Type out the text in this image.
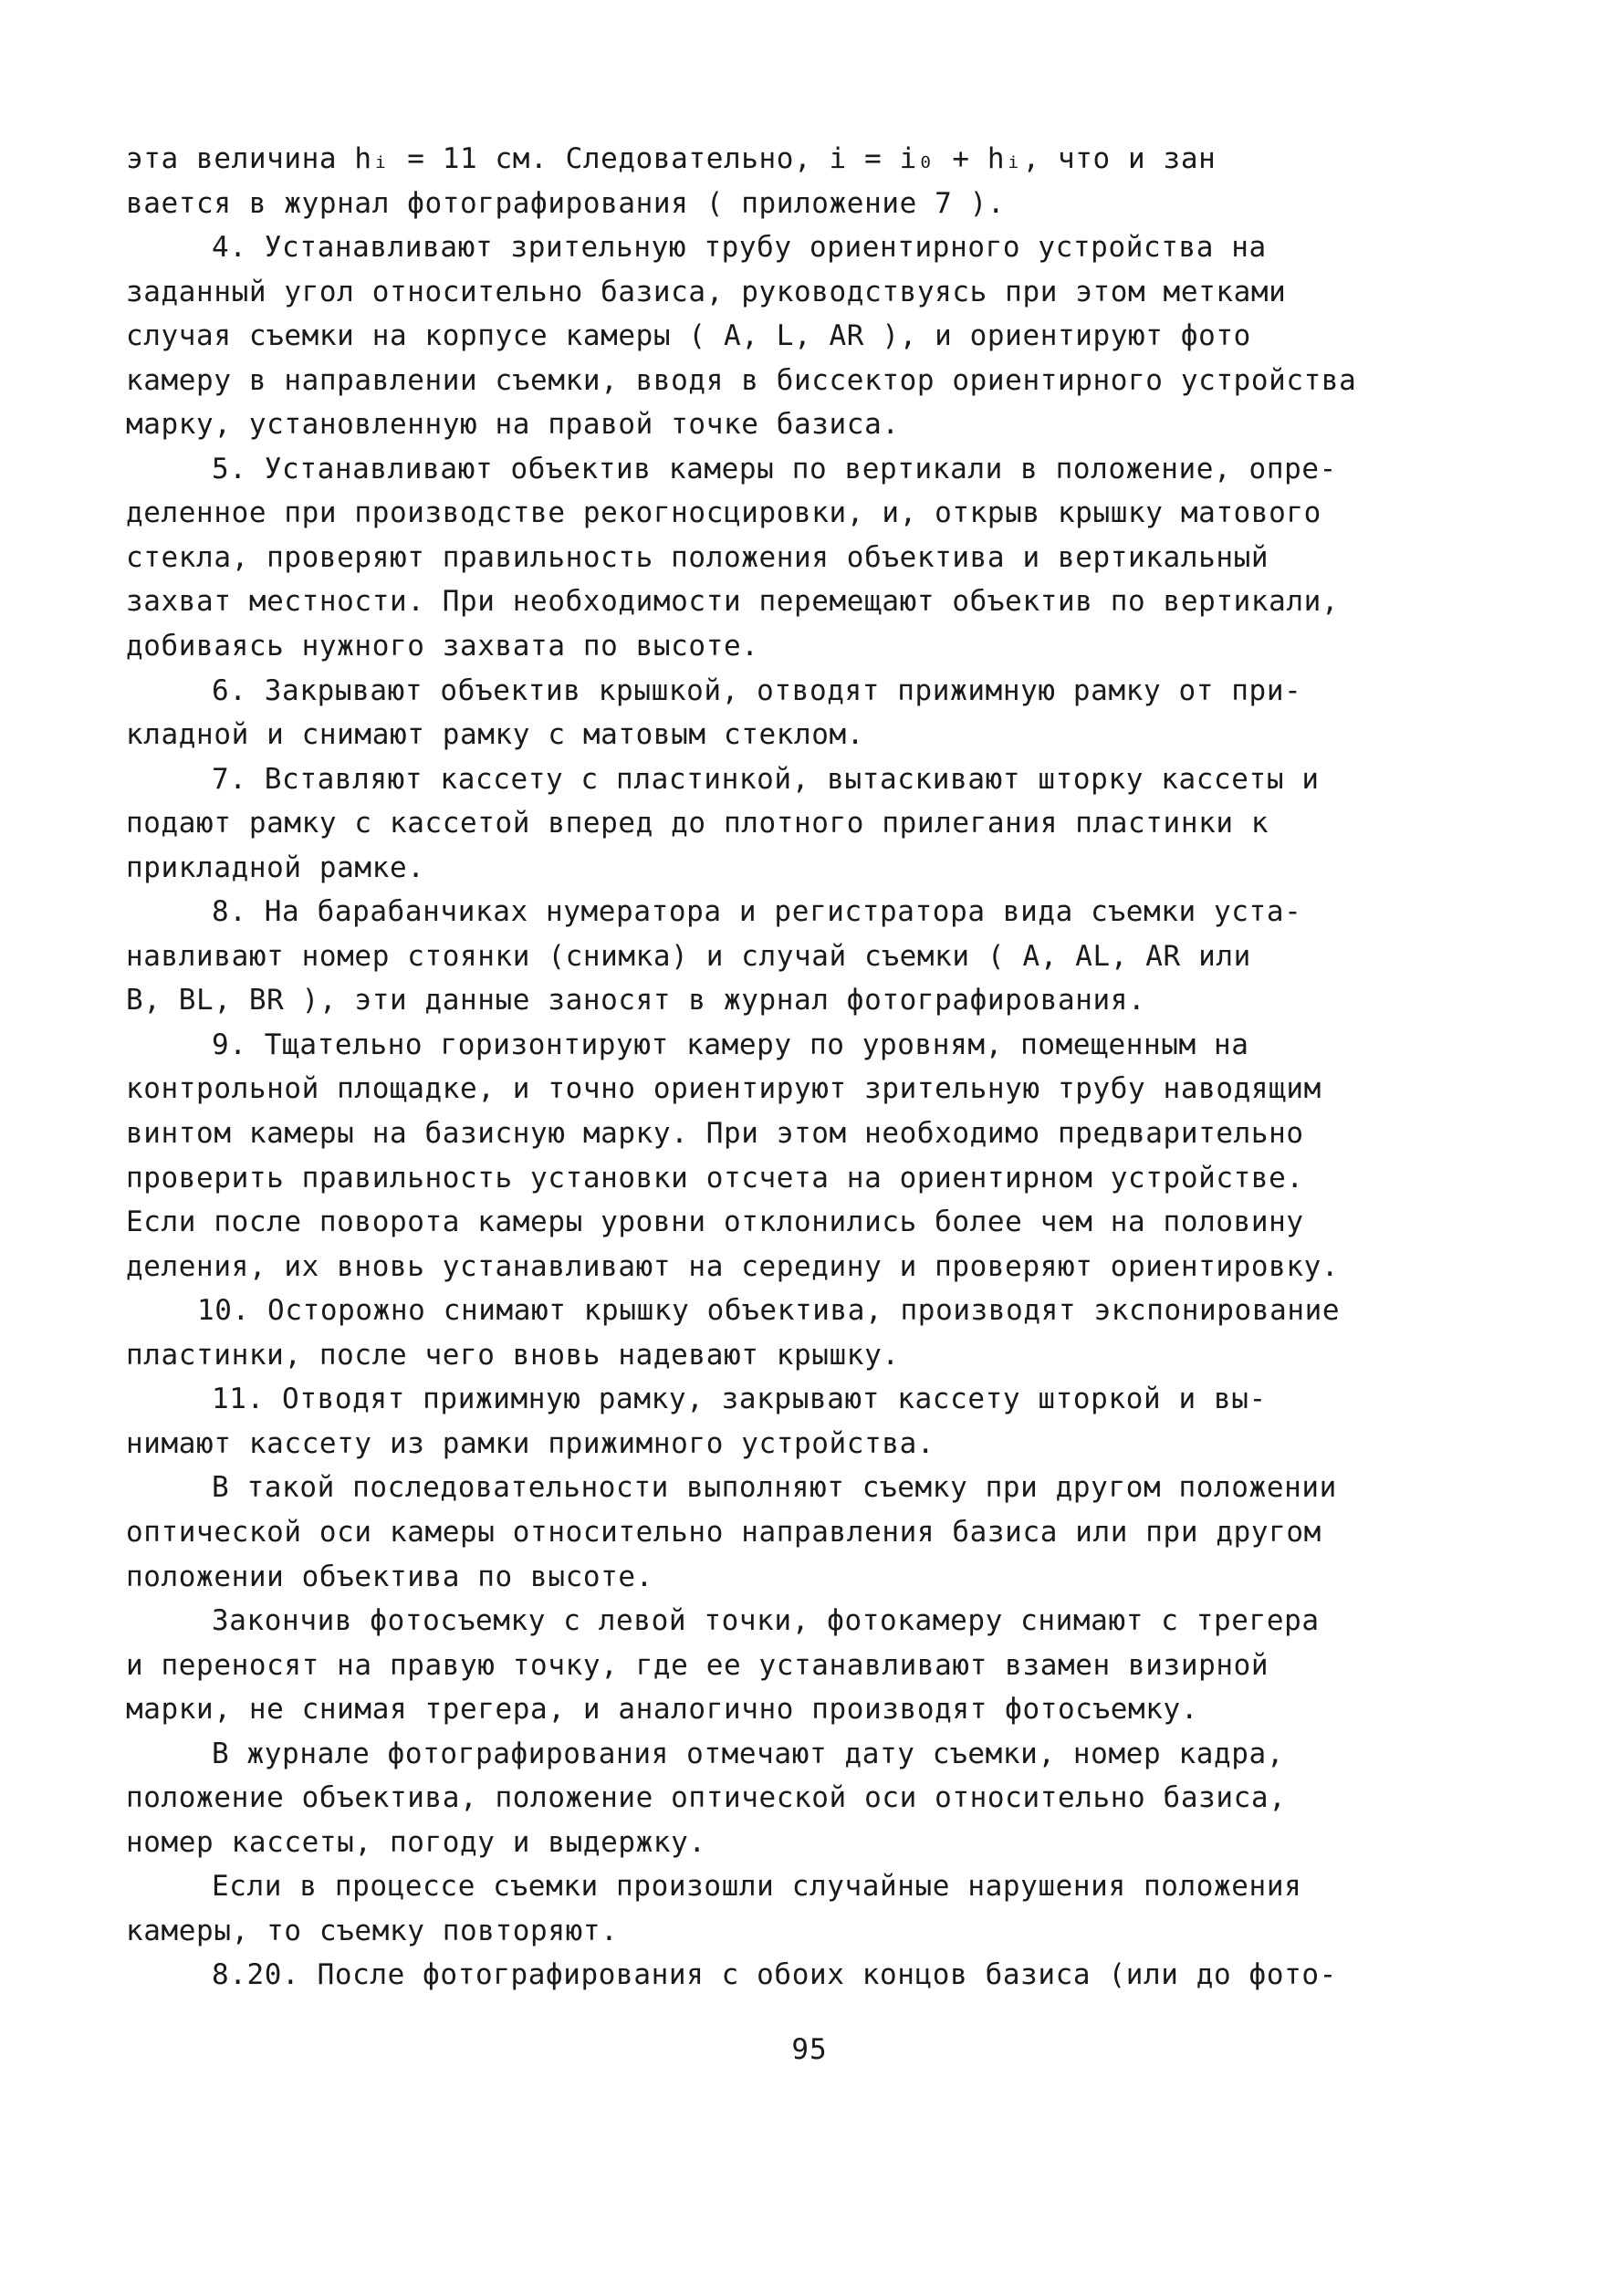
эта величина hᵢ = 11 см. Следовательно, i = i₀ + hᵢ, что и зан
вается в журнал фотографирования ( приложение 7 ).
4. Устанавливают зрительную трубу ориентирного устройства на
заданный угол относительно базиса, руководствуясь при этом метками
случая съемки на корпусе камеры ( A, L, AR ), и ориентируют фото
камеру в направлении съемки, вводя в биссектор ориентирного устройства
марку, установленную на правой точке базиса.
5. Устанавливают объектив камеры по вертикали в положение, опре-
деленное при производстве рекогносцировки, и, открыв крышку матового
стекла, проверяют правильность положения объектива и вертикальный
захват местности. При необходимости перемещают объектив по вертикали,
добиваясь нужного захвата по высоте.
6. Закрывают объектив крышкой, отводят прижимную рамку от при-
кладной и снимают рамку с матовым стеклом.
7. Вставляют кассету с пластинкой, вытаскивают шторку кассеты и
подают рамку с кассетой вперед до плотного прилегания пластинки к
прикладной рамке.
8. На барабанчиках нумератора и регистратора вида съемки уста-
навливают номер стоянки (снимка) и случай съемки ( A, AL, AR или
B, BL, BR ), эти данные заносят в журнал фотографирования.
9. Тщательно горизонтируют камеру по уровням, помещенным на
контрольной площадке, и точно ориентируют зрительную трубу наводящим
винтом камеры на базисную марку. При этом необходимо предварительно
проверить правильность установки отсчета на ориентирном устройстве.
Если после поворота камеры уровни отклонились более чем на половину
деления, их вновь устанавливают на середину и проверяют ориентировку.
10. Осторожно снимают крышку объектива, производят экспонирование
пластинки, после чего вновь надевают крышку.
11. Отводят прижимную рамку, закрывают кассету шторкой и вы-
нимают кассету из рамки прижимного устройства.
В такой последовательности выполняют съемку при другом положении
оптической оси камеры относительно направления базиса или при другом
положении объектива по высоте.
Закончив фотосъемку с левой точки, фотокамеру снимают с трегера
и переносят на правую точку, где ее устанавливают взамен визирной
марки, не снимая трегера, и аналогично производят фотосъемку.
В журнале фотографирования отмечают дату съемки, номер кадра,
положение объектива, положение оптической оси относительно базиса,
номер кассеты, погоду и выдержку.
Если в процессе съемки произошли случайные нарушения положения
камеры, то съемку повторяют.
8.20. После фотографирования с обоих концов базиса (или до фото-
95
